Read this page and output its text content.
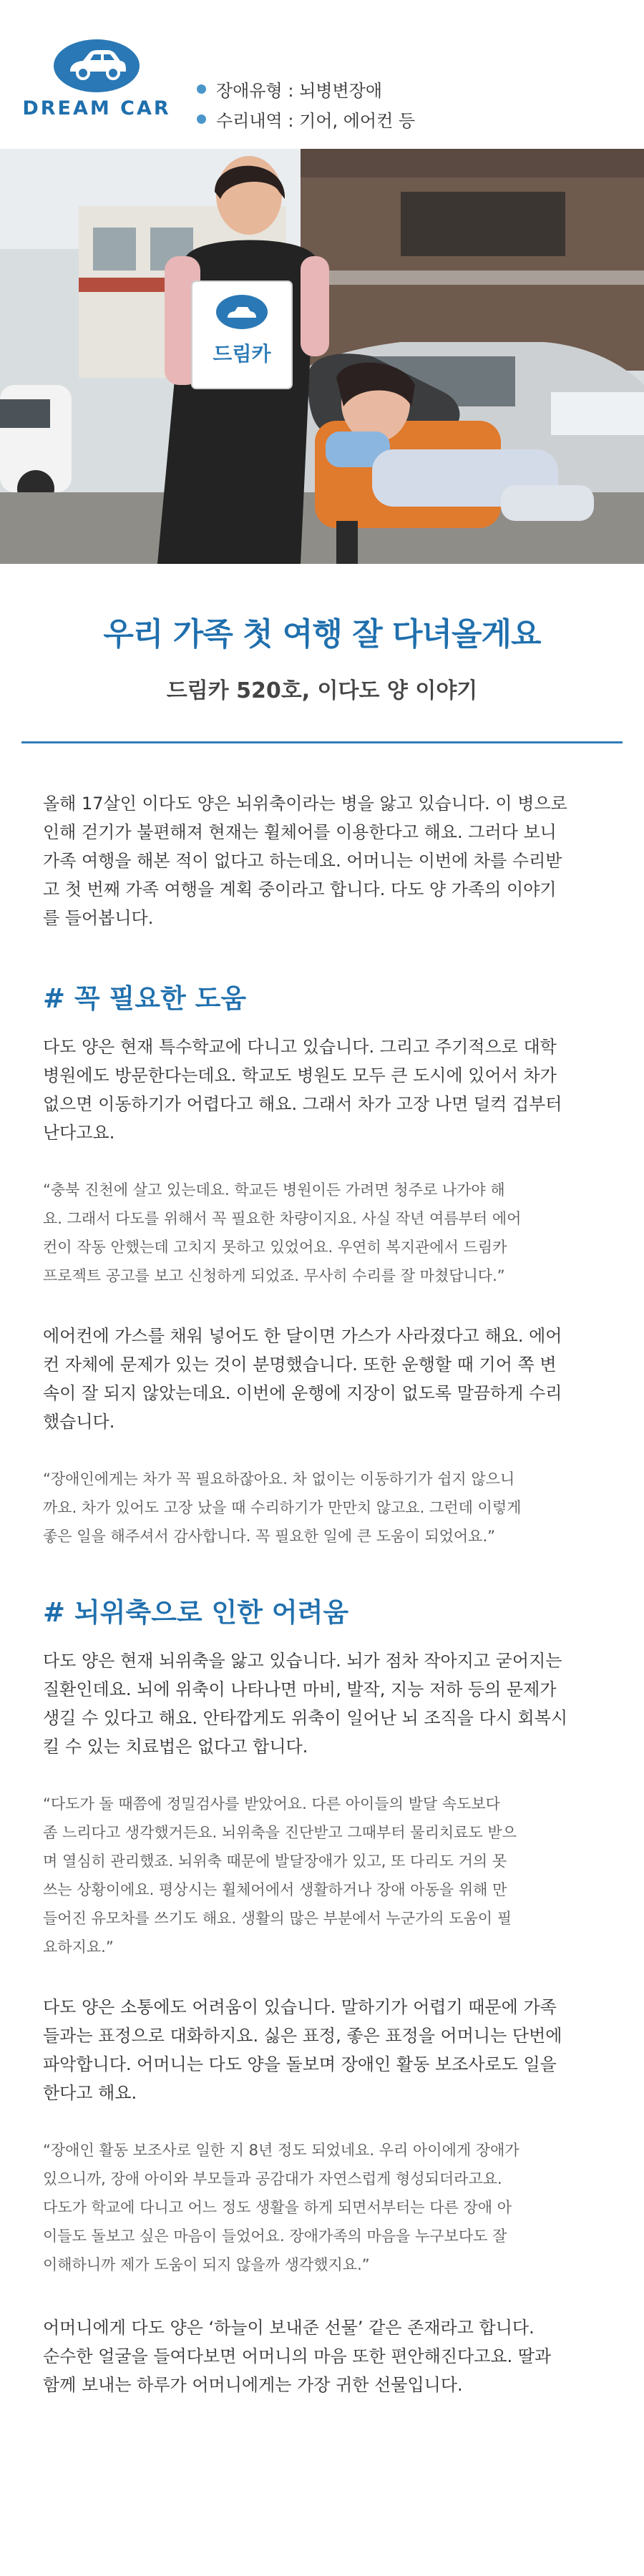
DREAM CAR
장애유형 : 뇌병변장애
수리내역 : 기어, 에어컨 등
드림카
우리 가족 첫 여행 잘 다녀올게요
드림카 520호, 이다도 양 이야기

올해 17살인 이다도 양은 뇌위축이라는 병을 앓고 있습니다. 이 병으로
인해 걷기가 불편해져 현재는 휠체어를 이용한다고 해요. 그러다 보니
가족 여행을 해본 적이 없다고 하는데요. 어머니는 이번에 차를 수리받
고 첫 번째 가족 여행을 계획 중이라고 합니다. 다도 양 가족의 이야기
를 들어봅니다.

# 꼭 필요한 도움

다도 양은 현재 특수학교에 다니고 있습니다. 그리고 주기적으로 대학
병원에도 방문한다는데요. 학교도 병원도 모두 큰 도시에 있어서 차가
없으면 이동하기가 어렵다고 해요. 그래서 차가 고장 나면 덜컥 겁부터
난다고요.

“충북 진천에 살고 있는데요. 학교든 병원이든 가려면 청주로 나가야 해
요. 그래서 다도를 위해서 꼭 필요한 차량이지요. 사실 작년 여름부터 에어
컨이 작동 안했는데 고치지 못하고 있었어요. 우연히 복지관에서 드림카
프로젝트 공고를 보고 신청하게 되었죠. 무사히 수리를 잘 마쳤답니다.”

에어컨에 가스를 채워 넣어도 한 달이면 가스가 사라졌다고 해요. 에어
컨 자체에 문제가 있는 것이 분명했습니다. 또한 운행할 때 기어 쪽 변
속이 잘 되지 않았는데요. 이번에 운행에 지장이 없도록 말끔하게 수리
했습니다.

“장애인에게는 차가 꼭 필요하잖아요. 차 없이는 이동하기가 쉽지 않으니
까요. 차가 있어도 고장 났을 때 수리하기가 만만치 않고요. 그런데 이렇게
좋은 일을 해주셔서 감사합니다. 꼭 필요한 일에 큰 도움이 되었어요.”

# 뇌위축으로 인한 어려움

다도 양은 현재 뇌위축을 앓고 있습니다. 뇌가 점차 작아지고 굳어지는
질환인데요. 뇌에 위축이 나타나면 마비, 발작, 지능 저하 등의 문제가
생길 수 있다고 해요. 안타깝게도 위축이 일어난 뇌 조직을 다시 회복시
킬 수 있는 치료법은 없다고 합니다.

“다도가 돌 때쯤에 정밀검사를 받았어요. 다른 아이들의 발달 속도보다
좀 느리다고 생각했거든요. 뇌위축을 진단받고 그때부터 물리치료도 받으
며 열심히 관리했죠. 뇌위축 때문에 발달장애가 있고, 또 다리도 거의 못
쓰는 상황이에요. 평상시는 휠체어에서 생활하거나 장애 아동을 위해 만
들어진 유모차를 쓰기도 해요. 생활의 많은 부분에서 누군가의 도움이 필
요하지요.”

다도 양은 소통에도 어려움이 있습니다. 말하기가 어렵기 때문에 가족
들과는 표정으로 대화하지요. 싫은 표정, 좋은 표정을 어머니는 단번에
파악합니다. 어머니는 다도 양을 돌보며 장애인 활동 보조사로도 일을
한다고 해요.

“장애인 활동 보조사로 일한 지 8년 정도 되었네요. 우리 아이에게 장애가
있으니까, 장애 아이와 부모들과 공감대가 자연스럽게 형성되더라고요.
다도가 학교에 다니고 어느 정도 생활을 하게 되면서부터는 다른 장애 아
이들도 돌보고 싶은 마음이 들었어요. 장애가족의 마음을 누구보다도 잘
이해하니까 제가 도움이 되지 않을까 생각했지요.”

어머니에게 다도 양은 ‘하늘이 보내준 선물’ 같은 존재라고 합니다.
순수한 얼굴을 들여다보면 어머니의 마음 또한 편안해진다고요. 딸과
함께 보내는 하루가 어머니에게는 가장 귀한 선물입니다.
